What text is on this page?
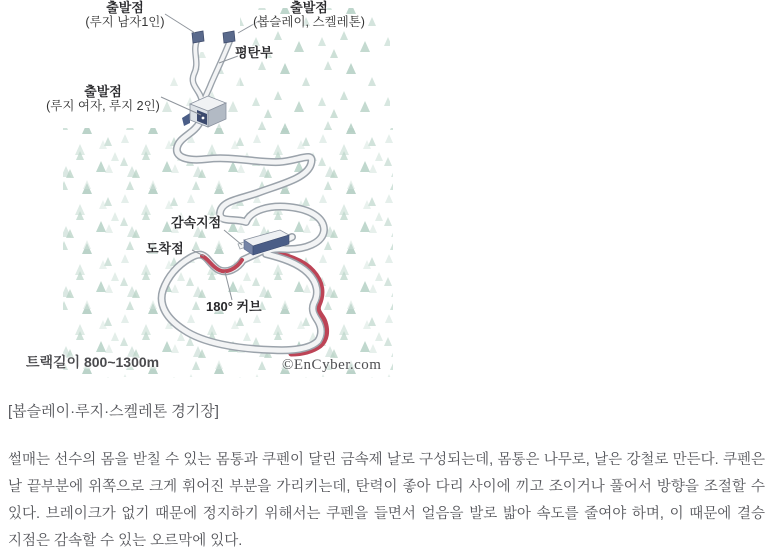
출발점
(루지 남자1인)
출발점
(봅슬레이, 스켈레톤)
평탄부
출발점
(루지 여자, 루지 2인)
감속지점
도착점
180° 커브
트랙길이 800~1300m	©EnCyber.com
[봅슬레이·루지·스켈레톤 경기장]

썰매는 선수의 몸을 받칠 수 있는 몸통과 쿠펜이 달린 금속제 날로 구성되는데, 몸통은 나무로, 날은 강철로 만든다. 쿠펜은 날 끝부분에 위쪽으로 크게 휘어진 부분을 가리키는데, 탄력이 좋아 다리 사이에 끼고 조이거나 풀어서 방향을 조절할 수 있다. 브레이크가 없기 때문에 정지하기 위해서는 쿠펜을 들면서 얼음을 발로 밟아 속도를 줄여야 하며, 이 때문에 결승 지점은 감속할 수 있는 오르막에 있다.
